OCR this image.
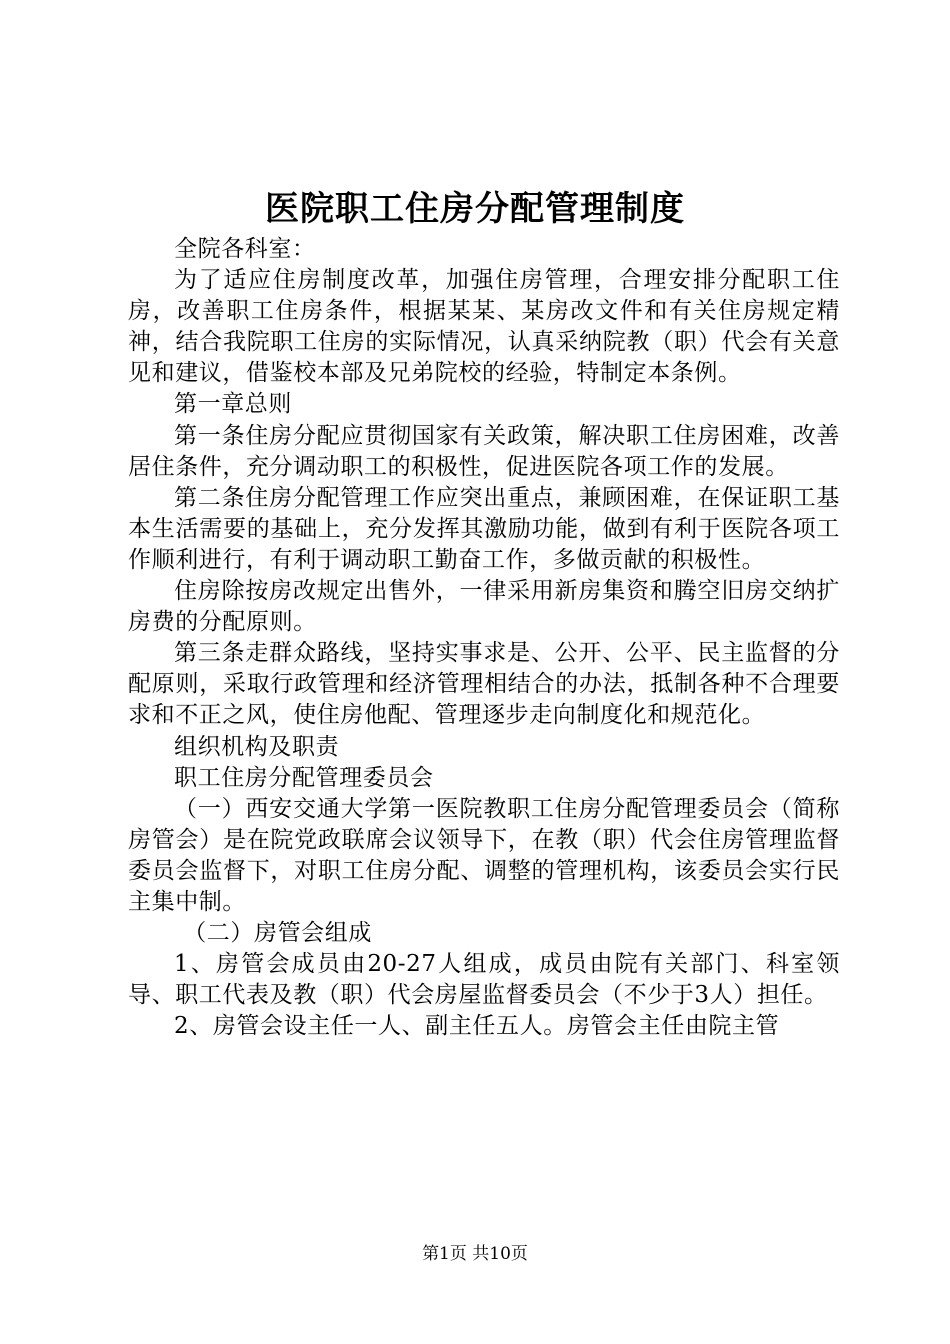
医院职工住房分配管理制度

全院各科室：

为了适应住房制度改革，加强住房管理，合理安排分配职工住房，改善职工住房条件，根据某某、某房改文件和有关住房规定精神，结合我院职工住房的实际情况，认真采纳院教（职）代会有关意见和建议，借鉴校本部及兄弟院校的经验，特制定本条例。

第一章总则

第一条住房分配应贯彻国家有关政策，解决职工住房困难，改善居住条件，充分调动职工的积极性，促进医院各项工作的发展。

第二条住房分配管理工作应突出重点，兼顾困难，在保证职工基本生活需要的基础上，充分发挥其激励功能，做到有利于医院各项工作顺利进行，有利于调动职工勤奋工作，多做贡献的积极性。

住房除按房改规定出售外，一律采用新房集资和腾空旧房交纳扩房费的分配原则。

第三条走群众路线，坚持实事求是、公开、公平、民主监督的分配原则，采取行政管理和经济管理相结合的办法，抵制各种不合理要求和不正之风，使住房他配、管理逐步走向制度化和规范化。

组织机构及职责

职工住房分配管理委员会

（一）西安交通大学第一医院教职工住房分配管理委员会（简称房管会）是在院党政联席会议领导下，在教（职）代会住房管理监督委员会监督下，对职工住房分配、调整的管理机构，该委员会实行民主集中制。

（二）房管会组成

1、房管会成员由20-27人组成，成员由院有关部门、科室领导、职工代表及教（职）代会房屋监督委员会（不少于3人）担任。

2、房管会设主任一人、副主任五人。房管会主任由院主管

第1页 共10页
